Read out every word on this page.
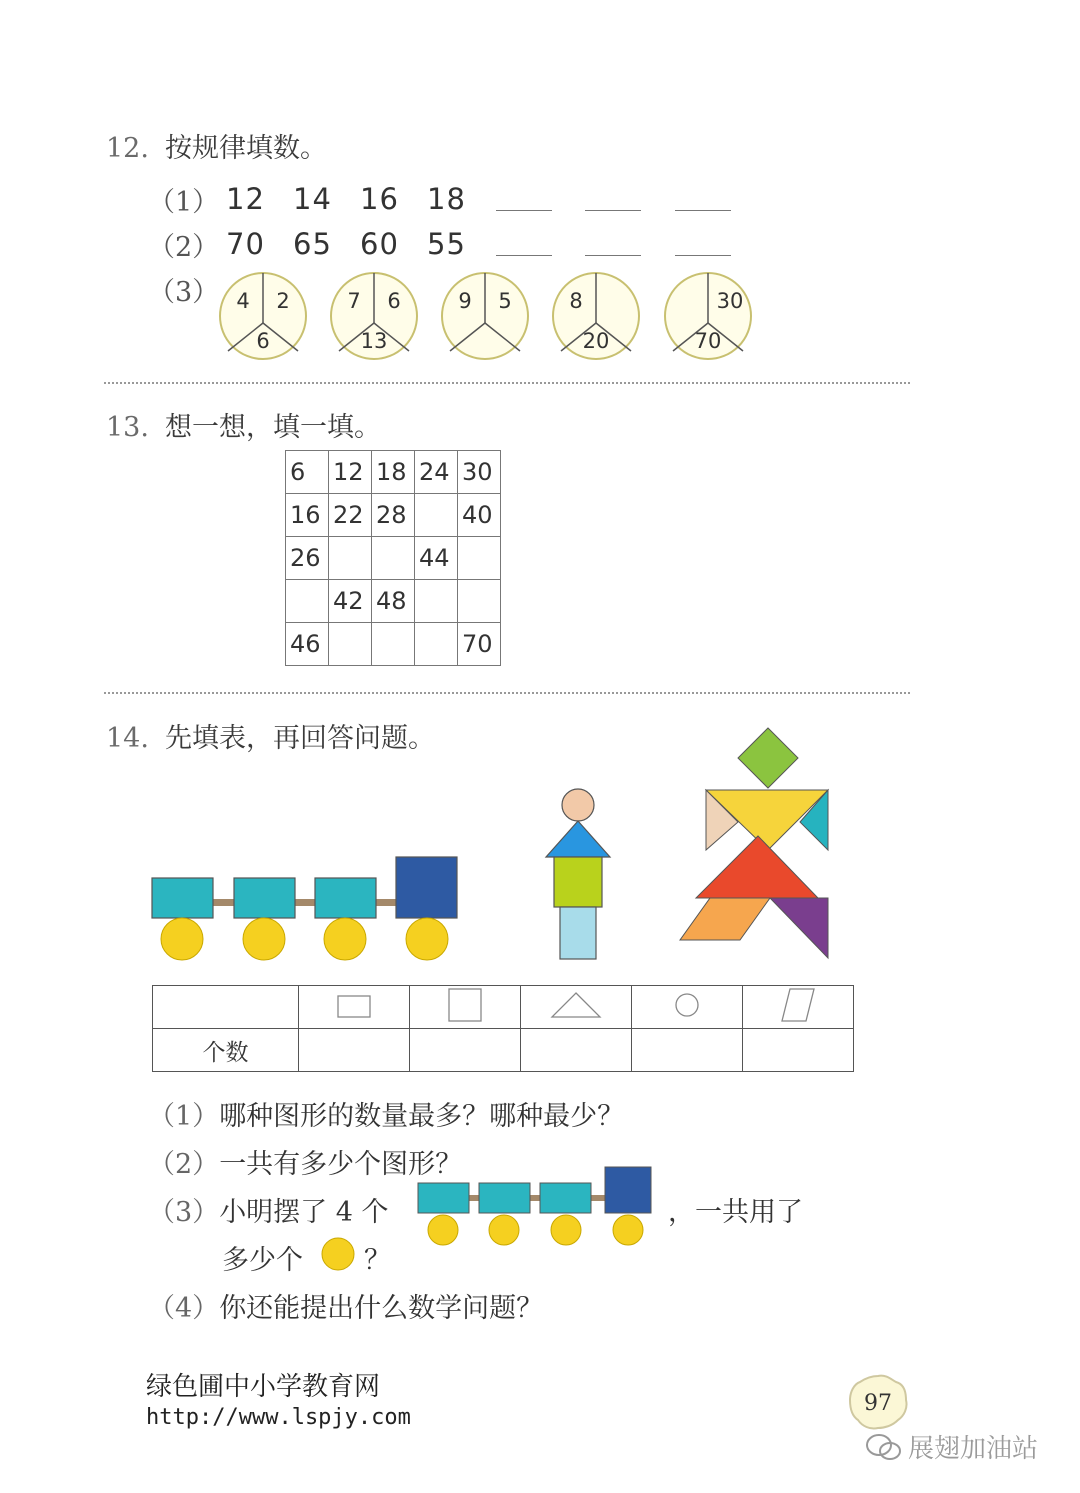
12. 按规律填数。
（1） 12 14 16 18
（2） 70 65 60 55
（3） 4 2
6
7 6
13
9 5	8
20
30
70
13. 想一想，填一填。
6	12	18	24	30
16	22	28		40
26			44	
	42	48		
46				70
14. 先填表，再回答问题。

个数					
（1）哪种图形的数量最多？哪种最少？
（2）一共有多少个图形？
（3）小明摆了 4 个	，一共用了
多少个 ？
（4）你还能提出什么数学问题？
绿色圃中小学教育网
http://www.lspjy.com
97
展翅加油站
